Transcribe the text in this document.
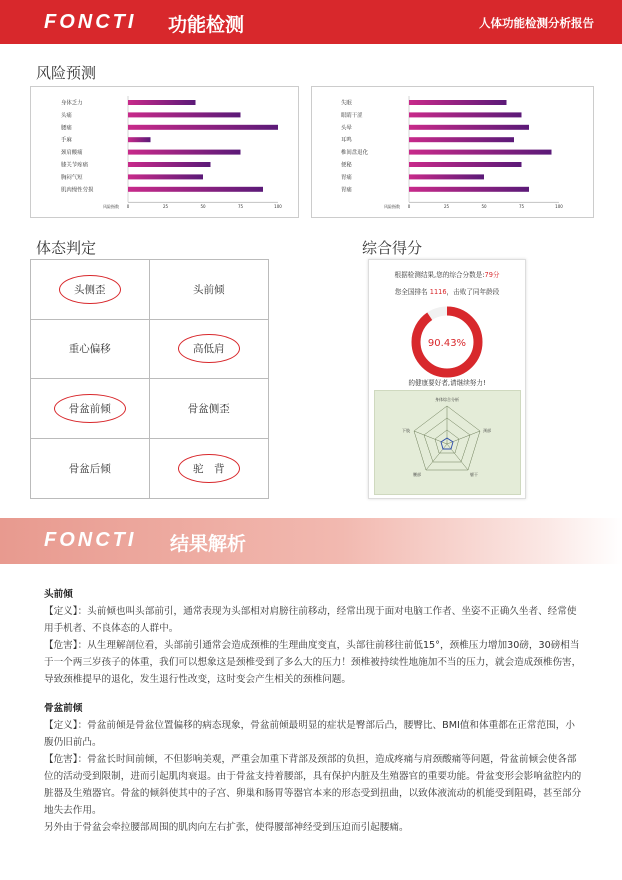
FONCTI 功能检测	人体功能检测分析报告
风险预测
身体乏力
头痛
腰痛
手麻
颈肩酸痛
膝关节疼痛
胸闷气短
肌肉慢性劳损
风险指数 0	25	50	75	100
失眠
眼睛干涩
头晕
耳鸣
椎间盘退化
便秘
胃痛
胃痛
风险指数 0	25	50	75	100
体态判定
头侧歪	头前倾
重心偏移	高低肩
骨盆前倾	骨盆侧歪
骨盆后倾	驼　背
综合得分
根据检测结果,您的综合分数是:79分
您全国排名 1116，击败了同年龄段
90.43%
的健康要好者,请继续努力!
身体综合分析
颈部
躯干
腰部
下肢
FONCTI 结果解析

头前倾

【定义】：头前倾也叫头部前引，通常表现为头部相对肩膀往前移动，经常出现于面对电脑工作者、坐姿不正确久坐者、经常使用手机者、不良体态的人群中。

【危害】：从生理解剖位看，头部前引通常会造成颈椎的生理曲度变直，头部往前移往前低15°，颈椎压力增加30磅，30磅相当于一个两三岁孩子的体重，我们可以想象这是颈椎受到了多么大的压力！颈椎被持续性地施加不当的压力，就会造成颈椎伤害，导致颈椎提早的退化，发生退行性改变，这时变会产生相关的颈椎问题。

骨盆前倾

【定义】：骨盆前倾是骨盆位置偏移的病态现象，骨盆前倾最明显的症状是臀部后凸，腰臀比、BMI值和体重都在正常范围，小腹仍旧前凸。

【危害】：骨盆长时间前倾，不但影响美观，严重会加重下背部及颈部的负担，造成疼痛与肩颈酸痛等问题，骨盆前倾会使各部位的活动受到限制，进而引起肌肉衰退。由于骨盆支持着腰部，具有保护内脏及生殖器官的重要功能。骨盆变形会影响盆腔内的脏器及生殖器官。骨盆的倾斜使其中的子宫、卵巢和肠胃等器官本来的形态受到扭曲，以致体液流动的机能受到阻碍，甚至部分地失去作用。

另外由于骨盆会牵拉腰部周围的肌肉向左右扩张，使得腰部神经受到压迫而引起腰痛。
